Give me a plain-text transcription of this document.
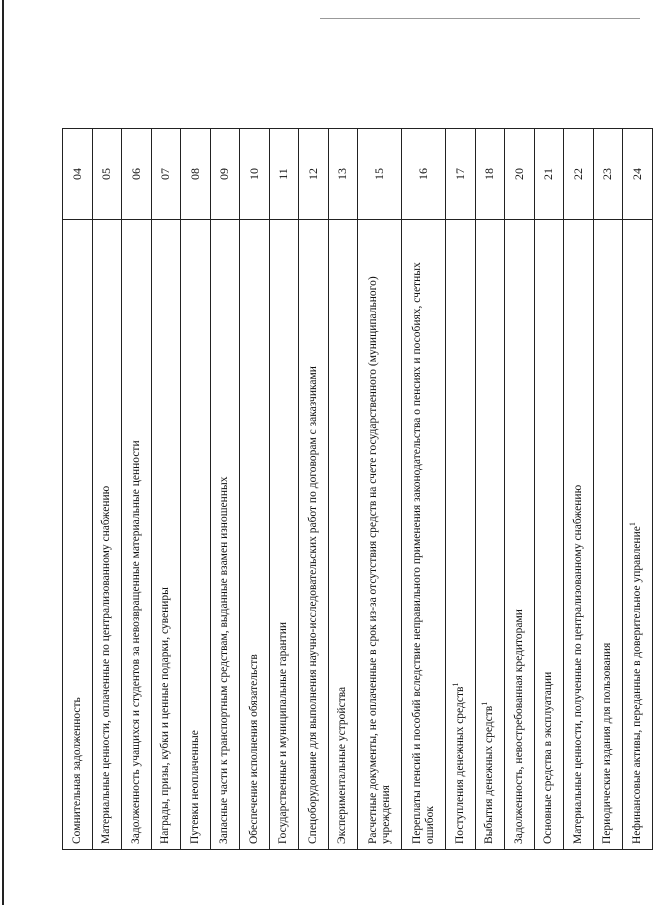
Сомнительная задолженность	04
Материальные ценности, оплаченные по централизованному снабжению	05
Задолженность учащихся и студентов за невозвращенные материальные ценности	06
Награды, призы, кубки и ценные подарки, сувениры	07
Путевки неоплаченные	08
Запасные части к транспортным средствам, выданные взамен изношенных	09
Обеспечение исполнения обязательств	10
Государственные и муниципальные гарантии	11
Спецоборудование для выполнения научно-исследовательских работ по договорам с заказчиками	12
Экспериментальные устройства	13
Расчетные документы, не оплаченные в срок из-за отсутствия средств на счете государственного (муниципального) учреждения	15
Переплаты пенсий и пособий вследствие неправильного применения законодательства о пенсиях и пособиях, счетных ошибок	16
Поступления денежных средств$^1$	17
Выбытия денежных средств$^1$	18
Задолженность, невостребованная кредиторами	20
Основные средства в эксплуатации	21
Материальные ценности, полученные по централизованному снабжению	22
Периодические издания для пользования	23
Нефинансовые активы, переданные в доверительное управление$^1$	24
